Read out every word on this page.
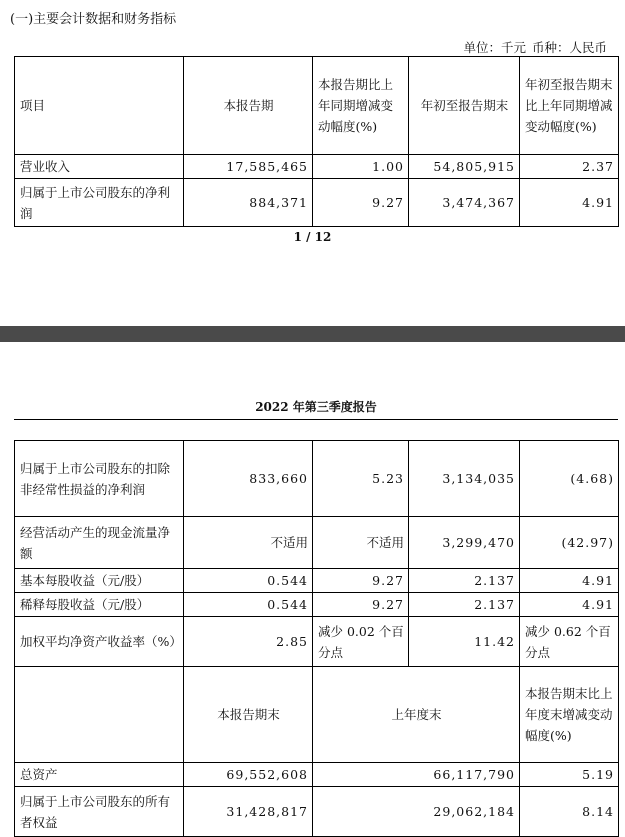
(一)主要会计数据和财务指标
单位：千元 币种：人民币
项目	本报告期	本报告期比上年同期增减变动幅度(%)	年初至报告期末	年初至报告期末比上年同期增减变动幅度(%)
营业收入	17,585,465	1.00	54,805,915	2.37
归属于上市公司股东的净利润	884,371	9.27	3,474,367	4.91
1 / 12
2022 年第三季度报告
归属于上市公司股东的扣除非经常性损益的净利润	833,660	5.23	3,134,035	(4.68)
经营活动产生的现金流量净额	不适用	不适用	3,299,470	(42.97)
基本每股收益（元/股）	0.544	9.27	2.137	4.91
稀释每股收益（元/股）	0.544	9.27	2.137	4.91
加权平均净资产收益率（%）	2.85	减少 0.02 个百分点	11.42	减少 0.62 个百分点
	本报告期末	上年度末		本报告期末比上年度末增减变动幅度(%)
总资产	69,552,608	66,117,790		5.19
归属于上市公司股东的所有者权益	31,428,817	29,062,184		8.14
